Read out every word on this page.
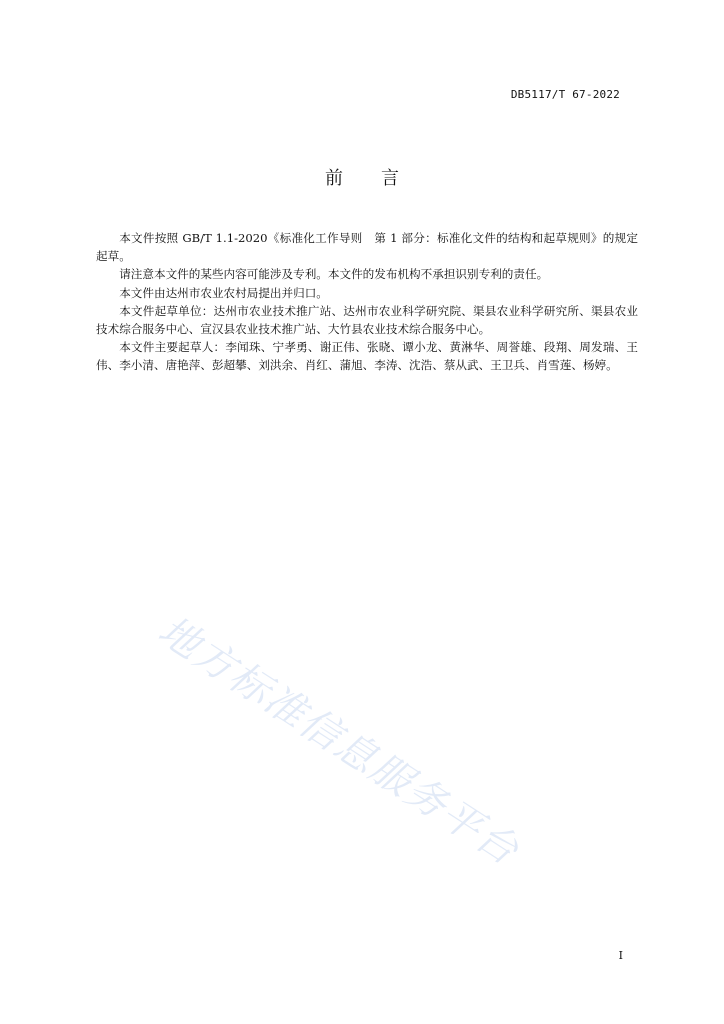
DB5117/T 67-2022
前言

本文件按照 GB/T 1.1-2020《标准化工作导则　第 1 部分：标准化文件的结构和起草规则》的规定起草。

请注意本文件的某些内容可能涉及专利。本文件的发布机构不承担识别专利的责任。

本文件由达州市农业农村局提出并归口。

本文件起草单位：达州市农业技术推广站、达州市农业科学研究院、渠县农业科学研究所、渠县农业技术综合服务中心、宣汉县农业技术推广站、大竹县农业技术综合服务中心。

本文件主要起草人：李闻珠、宁孝勇、谢正伟、张晓、谭小龙、黄淋华、周誉雄、段翔、周发瑞、王伟、李小清、唐艳萍、彭超攀、刘洪余、肖红、蒲旭、李涛、沈浩、蔡从武、王卫兵、肖雪莲、杨婷。

地方标准信息服务平台
I
